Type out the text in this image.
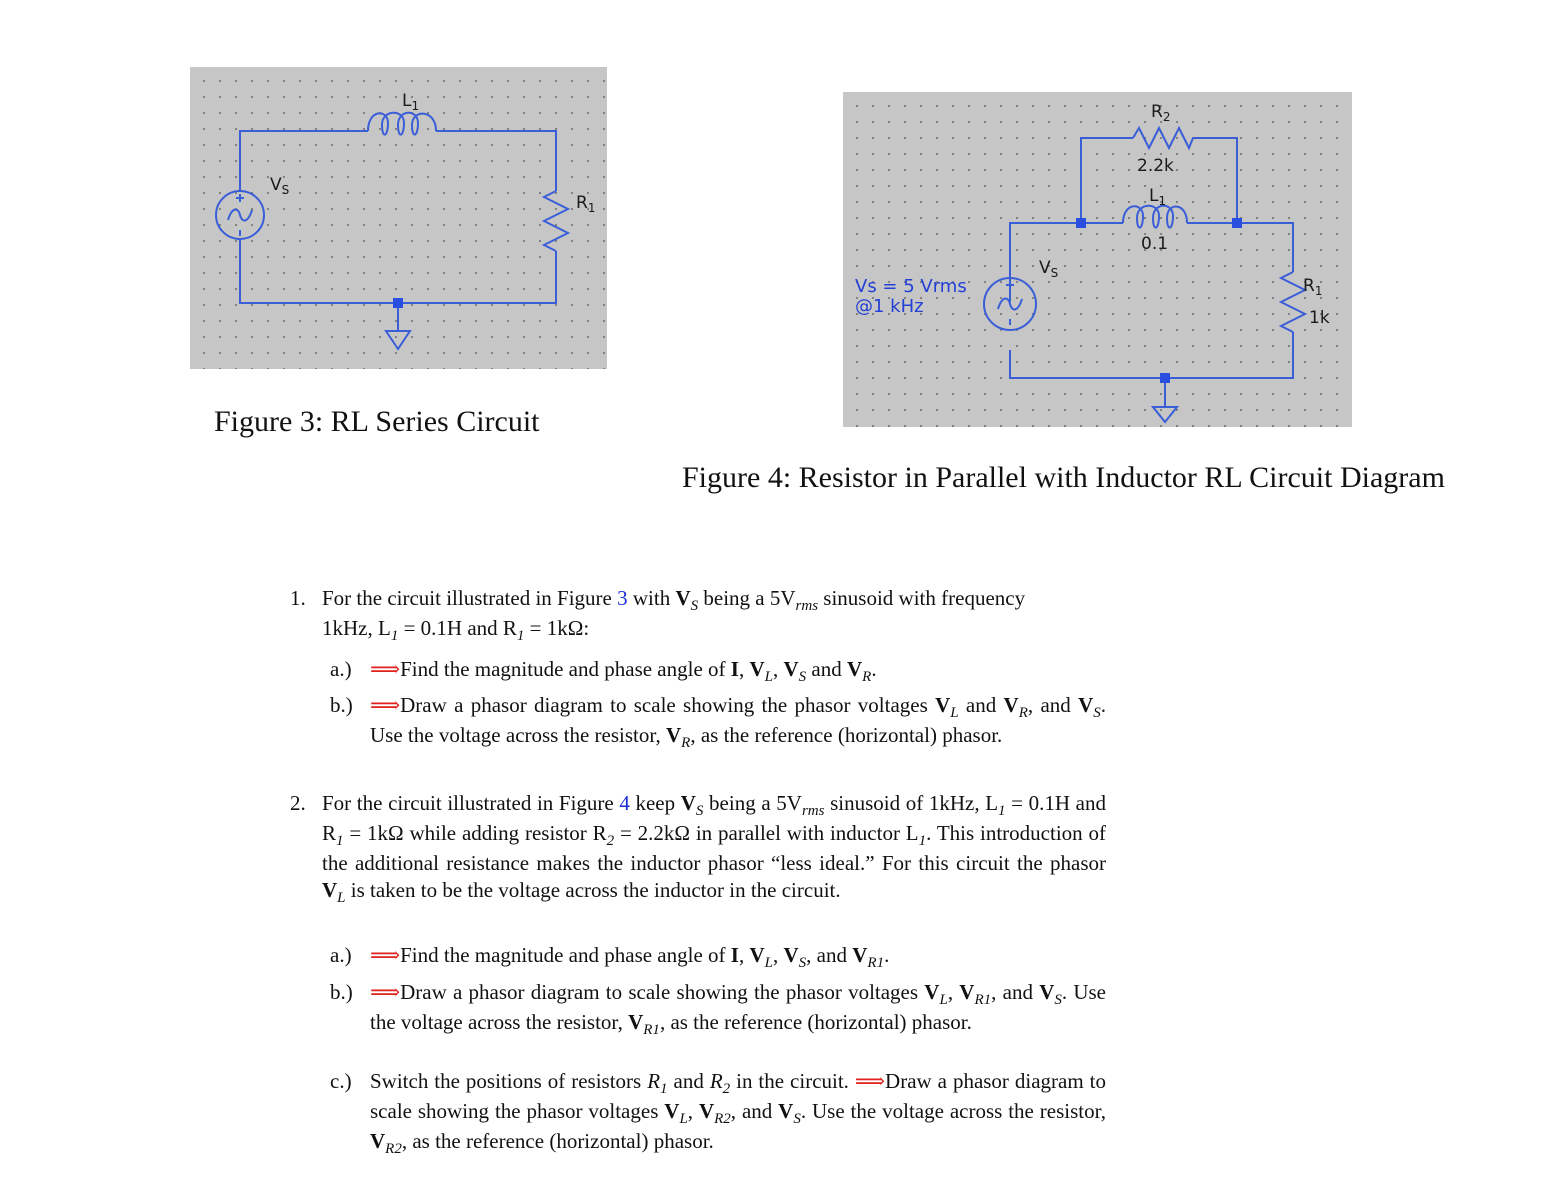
$L_1$
$V_S$
$R_1$
Figure 3: RL Series Circuit
$R_2$
2.2k
$L_1$
0.1
$V_S$
$R_1$
1k
Vs = 5 Vrms
@1 kHz
Figure 4: Resistor in Parallel with Inductor RL Circuit Diagram
1. For the circuit illustrated in Figure 3 with $V_S$ being a $5V_{rms}$ sinusoid with frequency
1kHz, $L_1 = 0.1H$ and $R_1 = 1k\Omega$:
a.) ⟹Find the magnitude and phase angle of I, $V_L$, $V_S$ and $V_R$.
b.) ⟹Draw a phasor diagram to scale showing the phasor voltages $V_L$ and $V_R$, and $V_S$. Use the voltage across the resistor, $V_R$, as the reference (horizontal) phasor.
2. For the circuit illustrated in Figure 4 keep $V_S$ being a $5V_{rms}$ sinusoid of 1kHz, $L_1 = 0.1H$ and $R_1 = 1k\Omega$ while adding resistor $R_2 = 2.2k\Omega$ in parallel with inductor $L_1$. This introduction of the additional resistance makes the inductor phasor “less ideal.” For this circuit the phasor $V_L$ is taken to be the voltage across the inductor in the circuit.
a.) ⟹Find the magnitude and phase angle of I, $V_L$, $V_S$, and $V_{R1}$.
b.) ⟹Draw a phasor diagram to scale showing the phasor voltages $V_L$, $V_{R1}$, and $V_S$. Use the voltage across the resistor, $V_{R1}$, as the reference (horizontal) phasor.
c.) Switch the positions of resistors $R_1$ and $R_2$ in the circuit. ⟹Draw a phasor diagram to scale showing the phasor voltages $V_L$, $V_{R2}$, and $V_S$. Use the voltage across the resistor, $V_{R2}$, as the reference (horizontal) phasor.
